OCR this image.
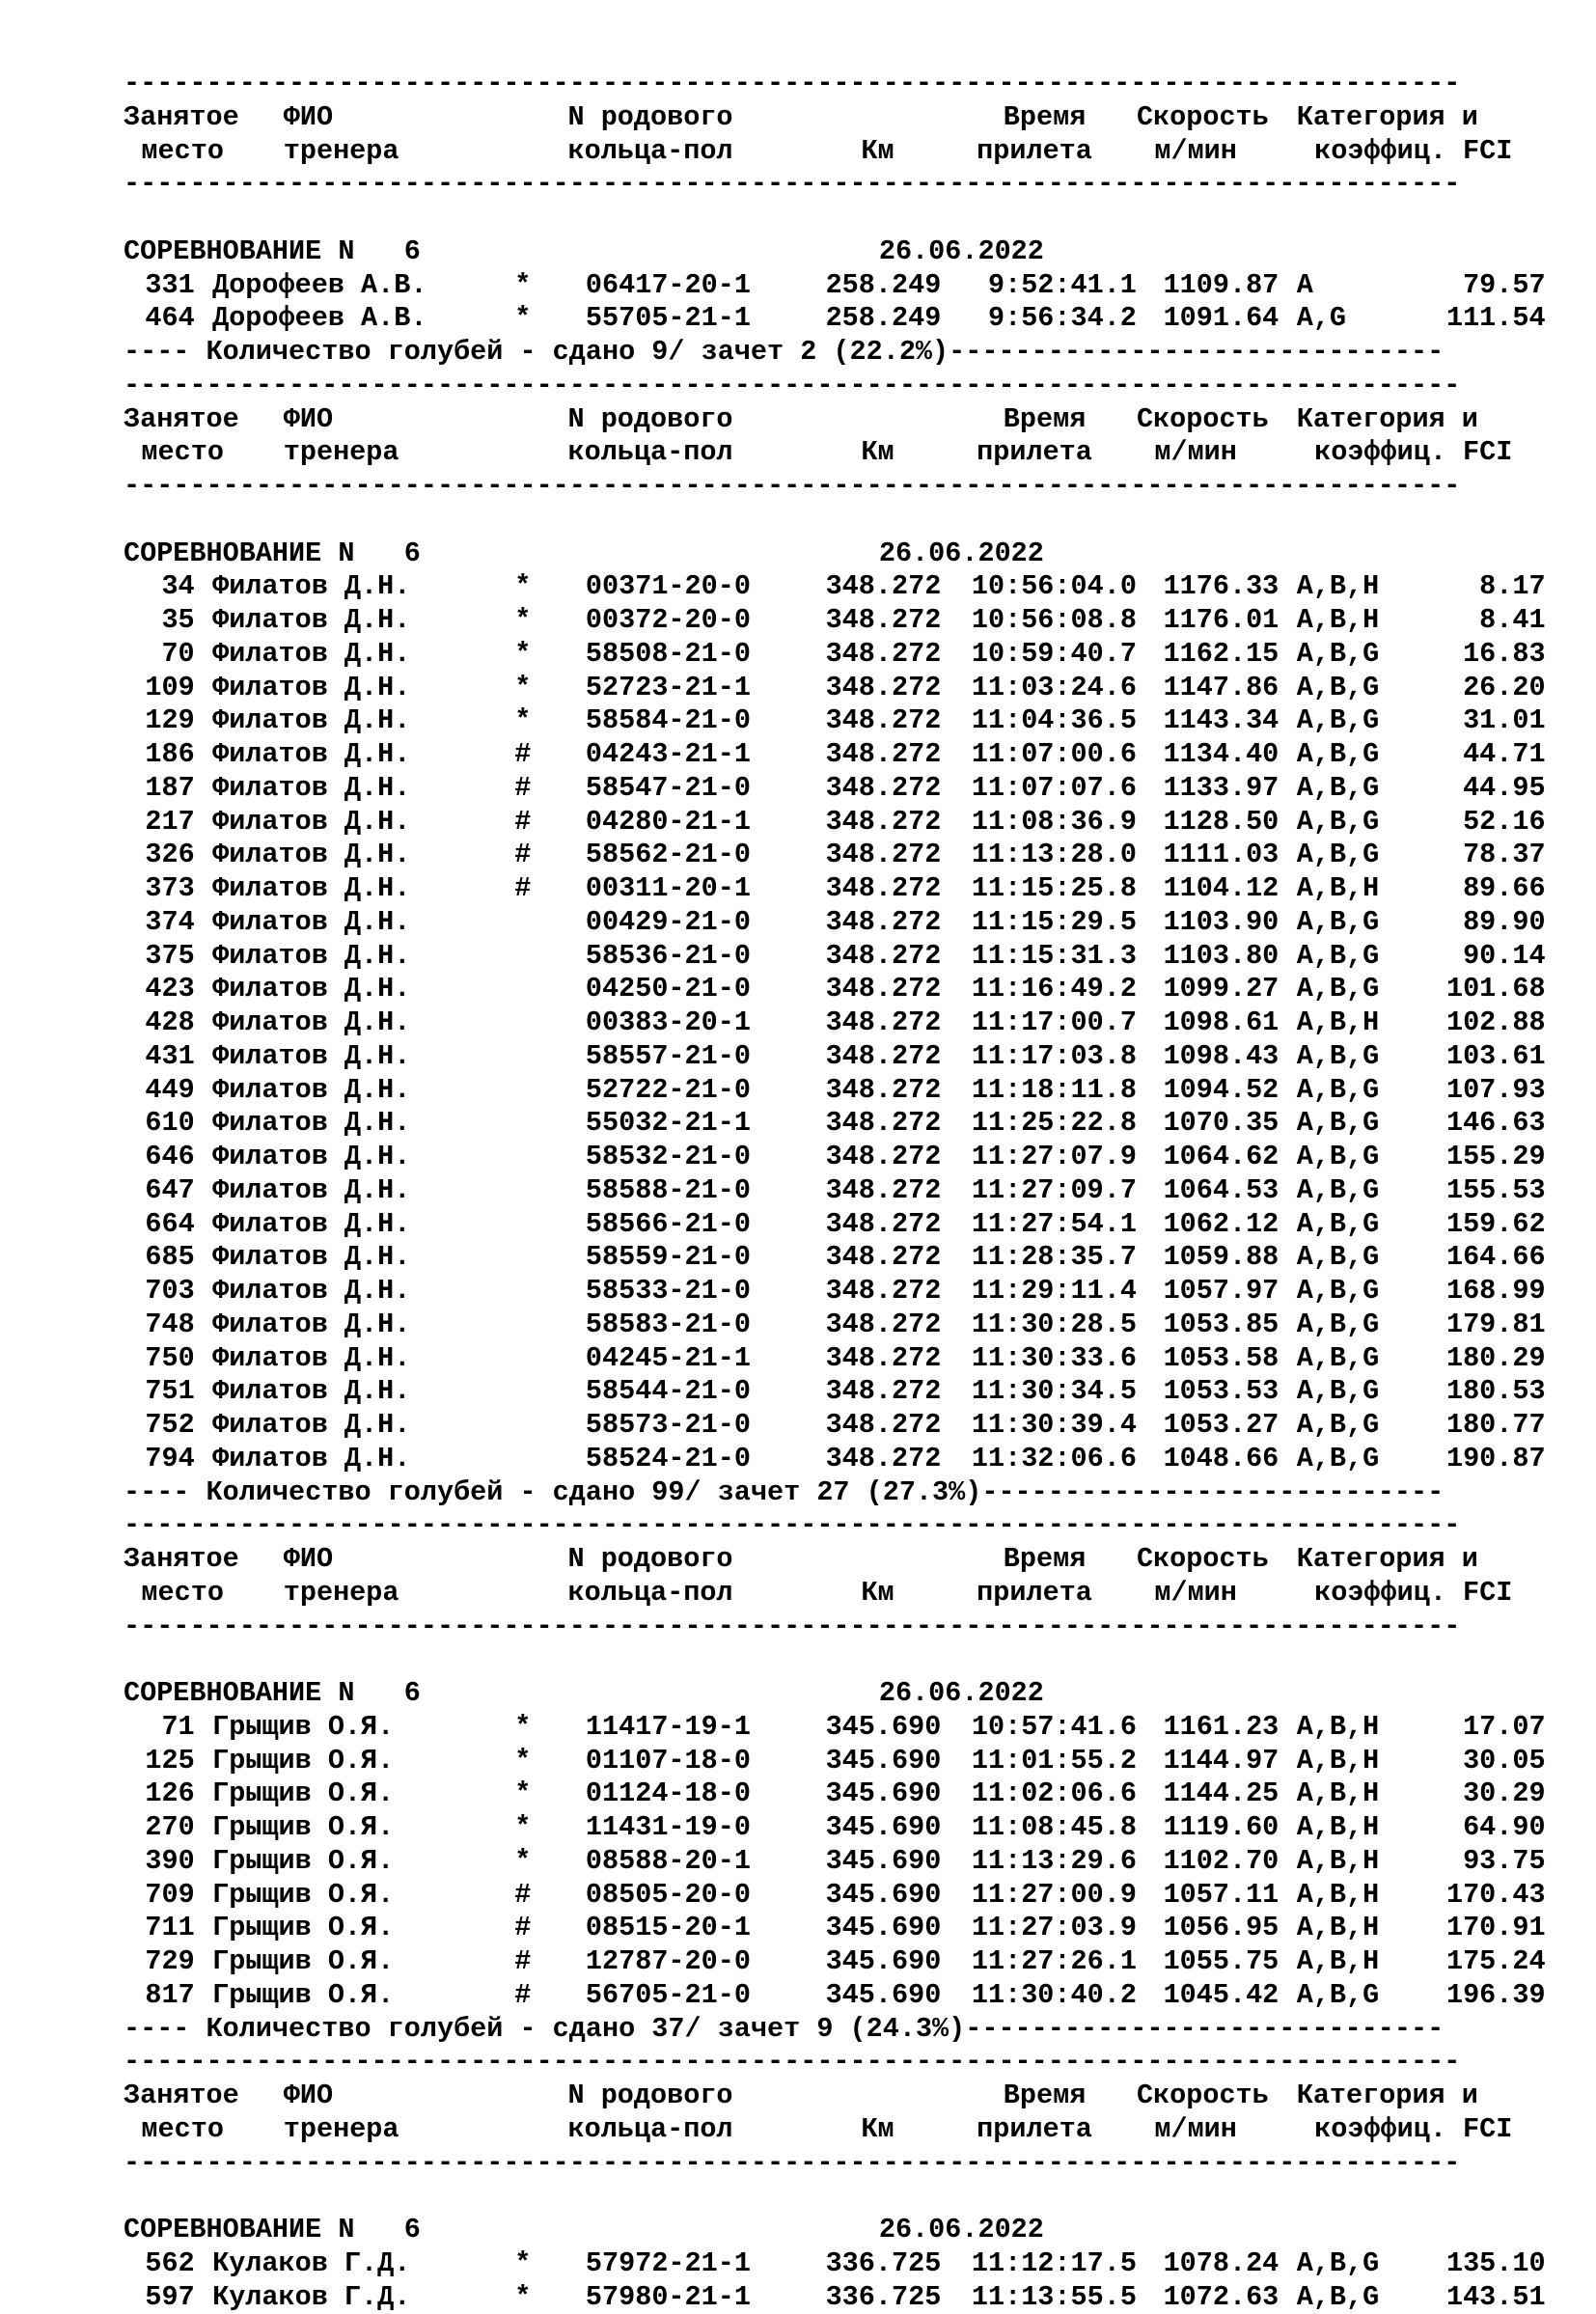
---------------------------------------------------------------------------------
Занятое ФИО	N родового	Время Скорость Категория и
место тренера	кольца-пол	Км	прилета м/мин	коэффиц. FCI
---------------------------------------------------------------------------------
СОРЕВНОВАНИЕ N   6	26.06.2022
331 Дорофеев А.В.	* 06417-20-1	258.249	9:52:41.1 1109.87 A	79.57
464 Дорофеев А.В.	* 55705-21-1	258.249	9:56:34.2 1091.64 A,G	111.54
---- Количество голубей - сдано 9/ зачет 2 (22.2%)------------------------------
---------------------------------------------------------------------------------
Занятое ФИО	N родового	Время Скорость Категория и
место тренера	кольца-пол	Км	прилета м/мин	коэффиц. FCI
---------------------------------------------------------------------------------
СОРЕВНОВАНИЕ N   6	26.06.2022
34 Филатов Д.Н.	* 00371-20-0	348.272	10:56:04.0 1176.33 A,B,H	8.17
35 Филатов Д.Н.	* 00372-20-0	348.272	10:56:08.8 1176.01 A,B,H	8.41
70 Филатов Д.Н.	* 58508-21-0	348.272	10:59:40.7 1162.15 A,B,G	16.83
109 Филатов Д.Н.	* 52723-21-1	348.272	11:03:24.6 1147.86 A,B,G	26.20
129 Филатов Д.Н.	* 58584-21-0	348.272	11:04:36.5 1143.34 A,B,G	31.01
186 Филатов Д.Н.	# 04243-21-1	348.272	11:07:00.6 1134.40 A,B,G	44.71
187 Филатов Д.Н.	# 58547-21-0	348.272	11:07:07.6 1133.97 A,B,G	44.95
217 Филатов Д.Н.	# 04280-21-1	348.272	11:08:36.9 1128.50 A,B,G	52.16
326 Филатов Д.Н.	# 58562-21-0	348.272	11:13:28.0 1111.03 A,B,G	78.37
373 Филатов Д.Н.	# 00311-20-1	348.272	11:15:25.8 1104.12 A,B,H	89.66
374 Филатов Д.Н.	00429-21-0	348.272	11:15:29.5 1103.90 A,B,G	89.90
375 Филатов Д.Н.	58536-21-0	348.272	11:15:31.3 1103.80 A,B,G	90.14
423 Филатов Д.Н.	04250-21-0	348.272	11:16:49.2 1099.27 A,B,G	101.68
428 Филатов Д.Н.	00383-20-1	348.272	11:17:00.7 1098.61 A,B,H	102.88
431 Филатов Д.Н.	58557-21-0	348.272	11:17:03.8 1098.43 A,B,G	103.61
449 Филатов Д.Н.	52722-21-0	348.272	11:18:11.8 1094.52 A,B,G	107.93
610 Филатов Д.Н.	55032-21-1	348.272	11:25:22.8 1070.35 A,B,G	146.63
646 Филатов Д.Н.	58532-21-0	348.272	11:27:07.9 1064.62 A,B,G	155.29
647 Филатов Д.Н.	58588-21-0	348.272	11:27:09.7 1064.53 A,B,G	155.53
664 Филатов Д.Н.	58566-21-0	348.272	11:27:54.1 1062.12 A,B,G	159.62
685 Филатов Д.Н.	58559-21-0	348.272	11:28:35.7 1059.88 A,B,G	164.66
703 Филатов Д.Н.	58533-21-0	348.272	11:29:11.4 1057.97 A,B,G	168.99
748 Филатов Д.Н.	58583-21-0	348.272	11:30:28.5 1053.85 A,B,G	179.81
750 Филатов Д.Н.	04245-21-1	348.272	11:30:33.6 1053.58 A,B,G	180.29
751 Филатов Д.Н.	58544-21-0	348.272	11:30:34.5 1053.53 A,B,G	180.53
752 Филатов Д.Н.	58573-21-0	348.272	11:30:39.4 1053.27 A,B,G	180.77
794 Филатов Д.Н.	58524-21-0	348.272	11:32:06.6 1048.66 A,B,G	190.87
---- Количество голубей - сдано 99/ зачет 27 (27.3%)----------------------------
---------------------------------------------------------------------------------
Занятое ФИО	N родового	Время Скорость Категория и
место тренера	кольца-пол	Км	прилета м/мин	коэффиц. FCI
---------------------------------------------------------------------------------
СОРЕВНОВАНИЕ N   6	26.06.2022
71 Грыщив О.Я.	* 11417-19-1	345.690	10:57:41.6 1161.23 A,B,H	17.07
125 Грыщив О.Я.	* 01107-18-0	345.690	11:01:55.2 1144.97 A,B,H	30.05
126 Грыщив О.Я.	* 01124-18-0	345.690	11:02:06.6 1144.25 A,B,H	30.29
270 Грыщив О.Я.	* 11431-19-0	345.690	11:08:45.8 1119.60 A,B,H	64.90
390 Грыщив О.Я.	* 08588-20-1	345.690	11:13:29.6 1102.70 A,B,H	93.75
709 Грыщив О.Я.	# 08505-20-0	345.690	11:27:00.9 1057.11 A,B,H	170.43
711 Грыщив О.Я.	# 08515-20-1	345.690	11:27:03.9 1056.95 A,B,H	170.91
729 Грыщив О.Я.	# 12787-20-0	345.690	11:27:26.1 1055.75 A,B,H	175.24
817 Грыщив О.Я.	# 56705-21-0	345.690	11:30:40.2 1045.42 A,B,G	196.39
---- Количество голубей - сдано 37/ зачет 9 (24.3%)-----------------------------
---------------------------------------------------------------------------------
Занятое ФИО	N родового	Время Скорость Категория и
место тренера	кольца-пол	Км	прилета м/мин	коэффиц. FCI
---------------------------------------------------------------------------------
СОРЕВНОВАНИЕ N   6	26.06.2022
562 Кулаков Г.Д.	* 57972-21-1	336.725	11:12:17.5 1078.24 A,B,G	135.10
597 Кулаков Г.Д.	* 57980-21-1	336.725	11:13:55.5 1072.63 A,B,G	143.51
